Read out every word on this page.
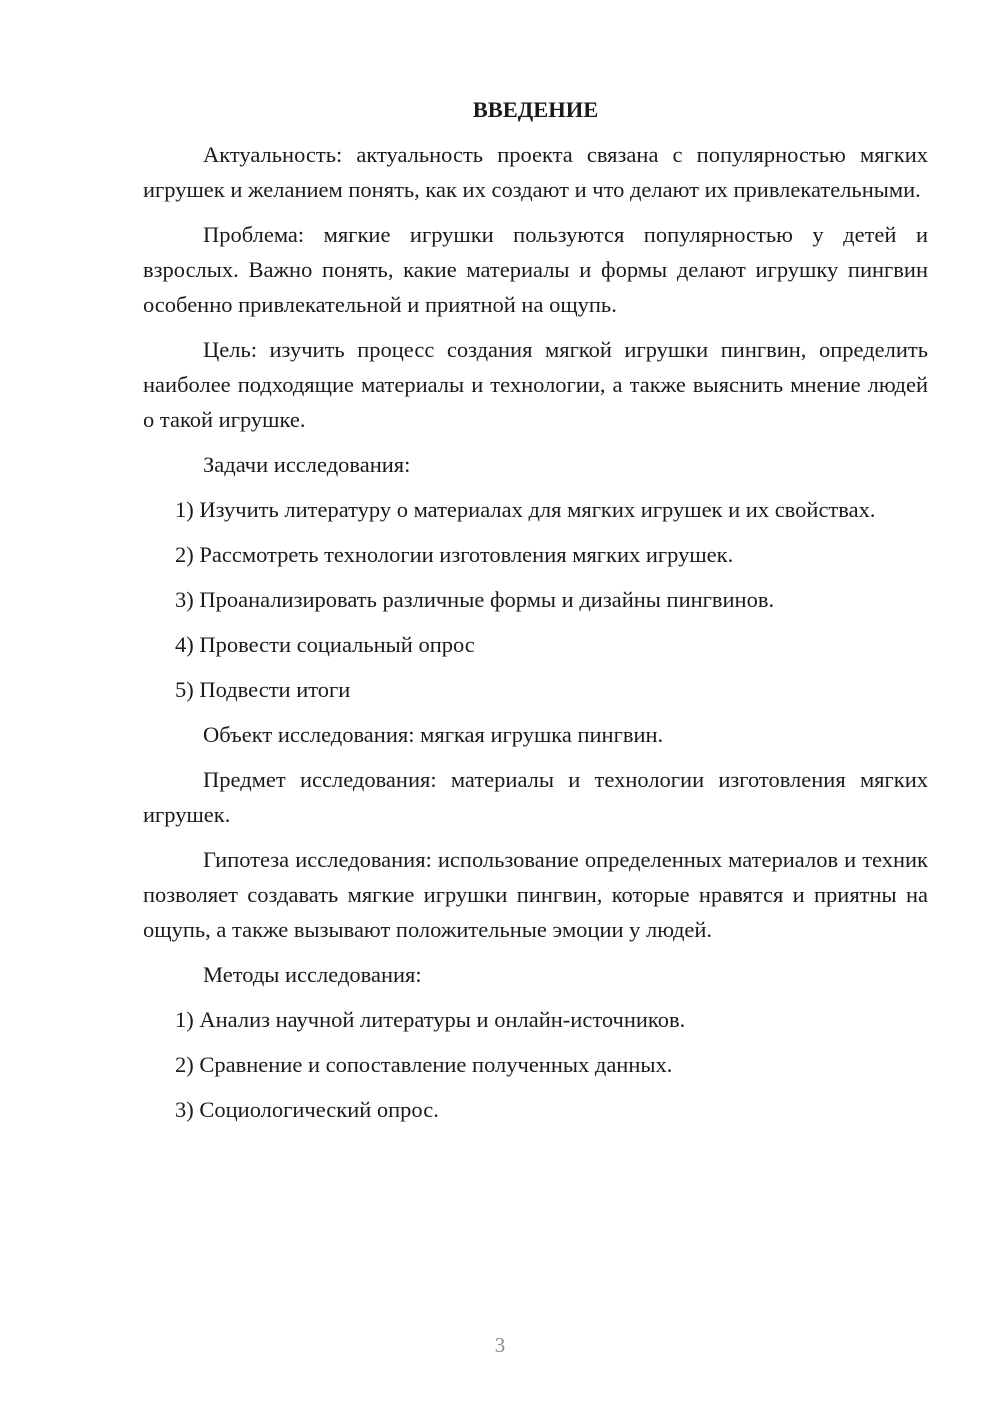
ВВЕДЕНИЕ

Актуальность: актуальность проекта связана с популярностью мягких игрушек и желанием понять, как их создают и что делают их привлекательными.

Проблема: мягкие игрушки пользуются популярностью у детей и взрослых. Важно понять, какие материалы и формы делают игрушку пингвин особенно привлекательной и приятной на ощупь.

Цель: изучить процесс создания мягкой игрушки пингвин, определить наиболее подходящие материалы и технологии, а также выяснить мнение людей о такой игрушке.

Задачи исследования:

1) Изучить литературу о материалах для мягких игрушек и их свойствах.

2) Рассмотреть технологии изготовления мягких игрушек.

3) Проанализировать различные формы и дизайны пингвинов.

4) Провести социальный опрос

5) Подвести итоги

Объект исследования: мягкая игрушка пингвин.

Предмет исследования: материалы и технологии изготовления мягких игрушек.

Гипотеза исследования: использование определенных материалов и техник позволяет создавать мягкие игрушки пингвин, которые нравятся и приятны на ощупь, а также вызывают положительные эмоции у людей.

Методы исследования:

1) Анализ научной литературы и онлайн-источников.

2) Сравнение и сопоставление полученных данных.

3) Социологический опрос.

3
